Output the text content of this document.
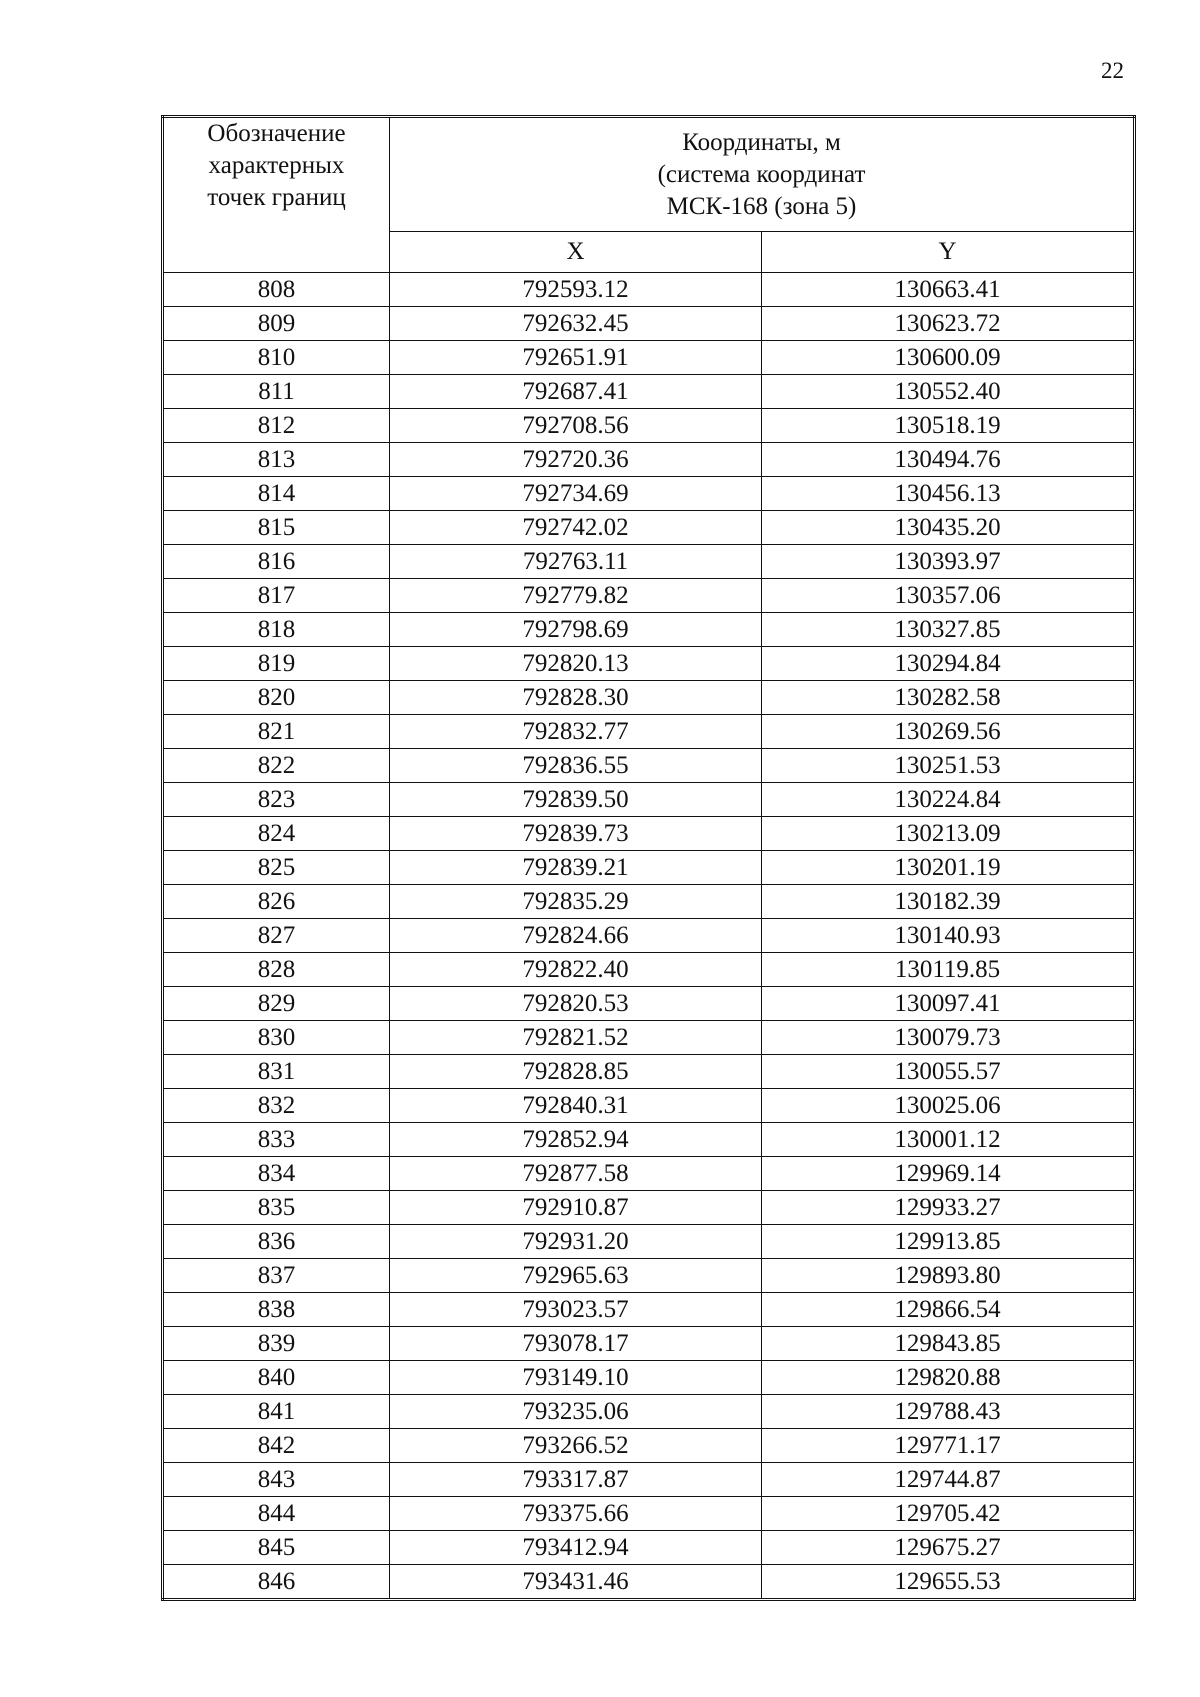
22
Обозначение
характерных
точек границ	Координаты, м
(система координат
МСК-168 (зона 5)	
	X	Y
808	792593.12	130663.41
809	792632.45	130623.72
810	792651.91	130600.09
811	792687.41	130552.40
812	792708.56	130518.19
813	792720.36	130494.76
814	792734.69	130456.13
815	792742.02	130435.20
816	792763.11	130393.97
817	792779.82	130357.06
818	792798.69	130327.85
819	792820.13	130294.84
820	792828.30	130282.58
821	792832.77	130269.56
822	792836.55	130251.53
823	792839.50	130224.84
824	792839.73	130213.09
825	792839.21	130201.19
826	792835.29	130182.39
827	792824.66	130140.93
828	792822.40	130119.85
829	792820.53	130097.41
830	792821.52	130079.73
831	792828.85	130055.57
832	792840.31	130025.06
833	792852.94	130001.12
834	792877.58	129969.14
835	792910.87	129933.27
836	792931.20	129913.85
837	792965.63	129893.80
838	793023.57	129866.54
839	793078.17	129843.85
840	793149.10	129820.88
841	793235.06	129788.43
842	793266.52	129771.17
843	793317.87	129744.87
844	793375.66	129705.42
845	793412.94	129675.27
846	793431.46	129655.53
